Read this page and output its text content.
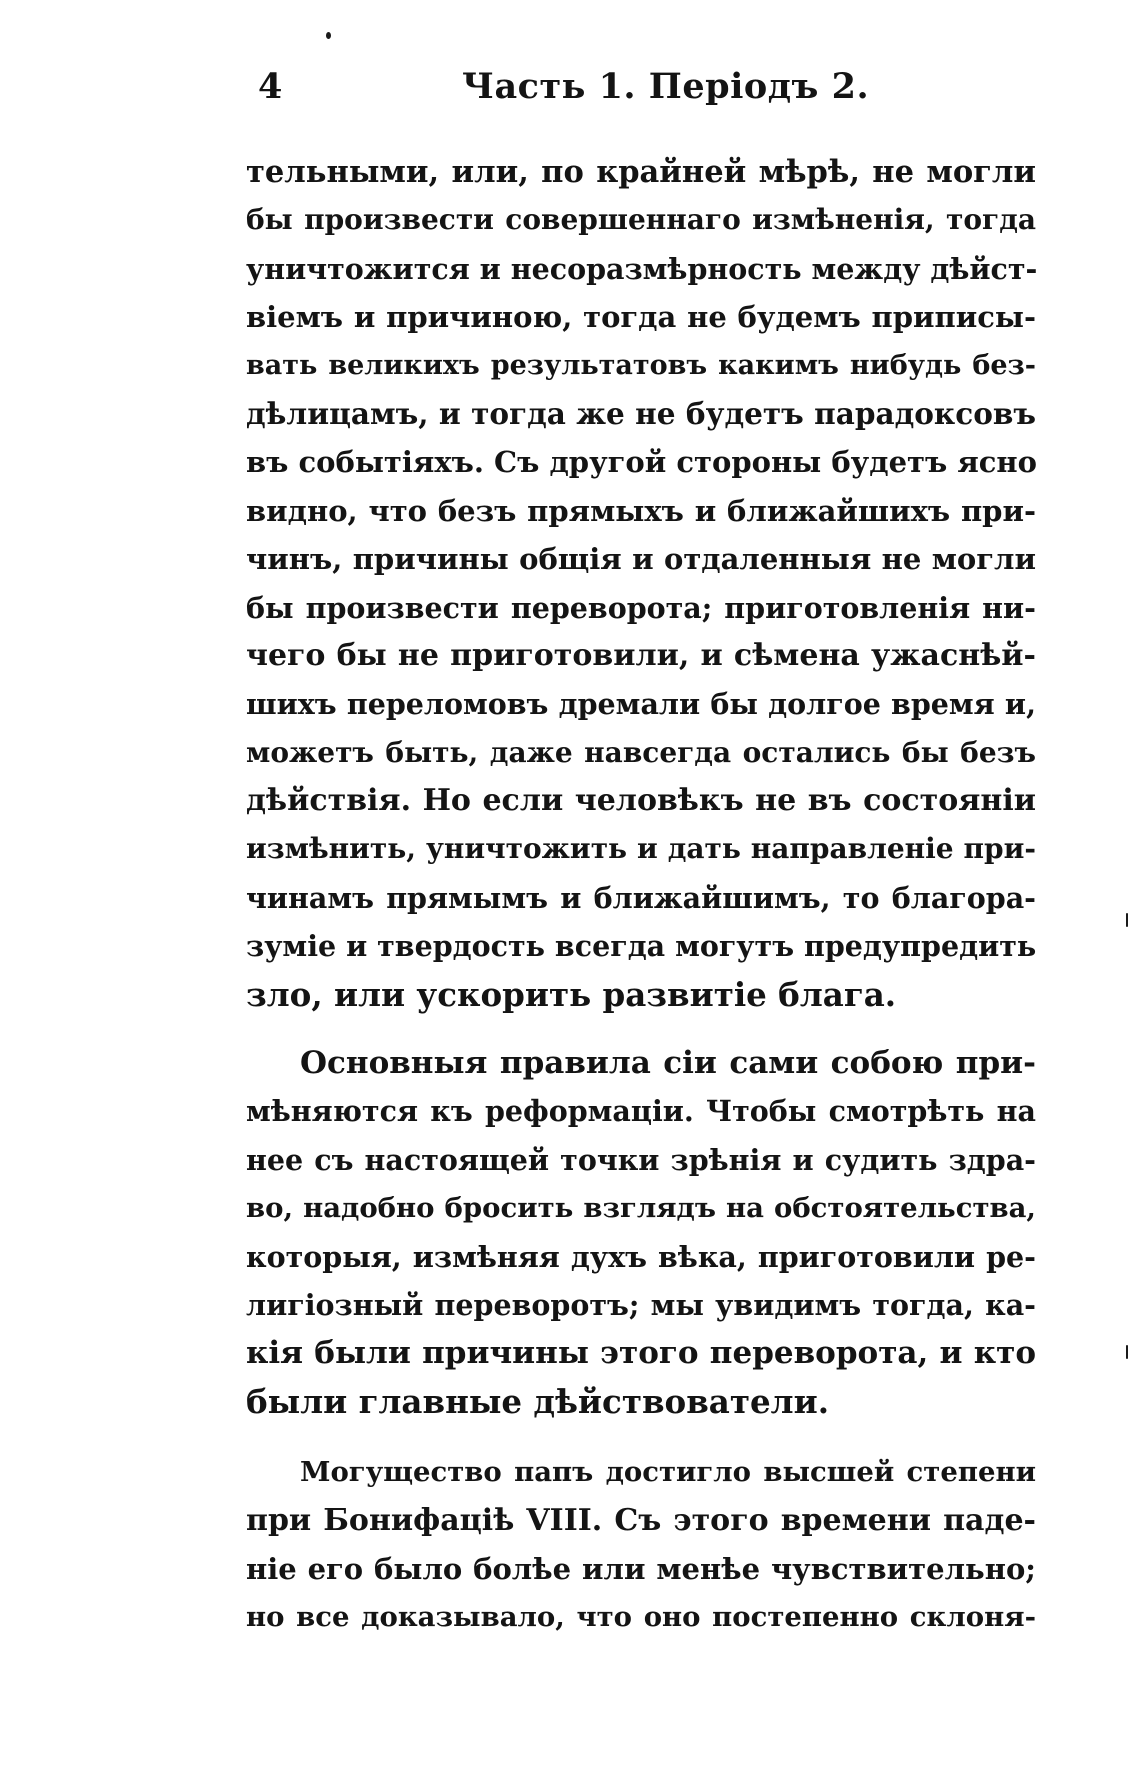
4	Часть 1. Періодъ 2.
тельными, или, по крайней мѣрѣ, не могли
бы произвести совершеннаго измѣненія, тогда
уничтожится и несоразмѣрность между дѣйст-
віемъ и причиною, тогда не будемъ приписы-
вать великихъ результатовъ какимъ нибудь без-
дѣлицамъ, и тогда же не будетъ парадоксовъ
въ событіяхъ. Съ другой стороны будетъ ясно
видно, что безъ прямыхъ и ближайшихъ при-
чинъ, причины общія и отдаленныя не могли
бы произвести переворота; приготовленія ни-
чего бы не приготовили, и сѣмена ужаснѣй-
шихъ переломовъ дремали бы долгое время и,
можетъ быть, даже навсегда остались бы безъ
дѣйствія. Но если человѣкъ не въ состояніи
измѣнить, уничтожить и дать направленіе при-
чинамъ прямымъ и ближайшимъ, то благора-
зуміе и твердость всегда могутъ предупредить
зло, или ускорить развитіе блага.
Основныя правила сіи сами собою при-
мѣняются къ реформаціи. Чтобы смотрѣть на
нее съ настоящей точки зрѣнія и судить здра-
во, надобно бросить взглядъ на обстоятельства,
которыя, измѣняя духъ вѣка, приготовили ре-
лигіозный переворотъ; мы увидимъ тогда, ка-
кія были причины этого переворота, и кто
были главные дѣйствователи.
Могущество папъ достигло высшей степени
при Бонифаціѣ VIII. Съ этого времени паде-
ніе его было болѣе или менѣе чувствительно;
но все доказывало, что оно постепенно склоня-
